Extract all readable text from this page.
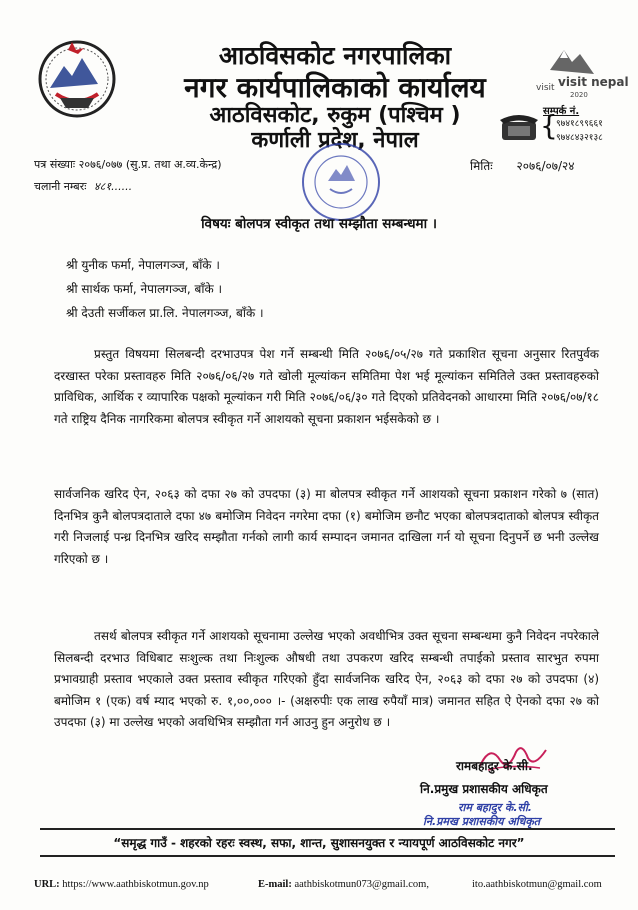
आठविसकोट नगरपालिका
नगर कार्यपालिकाको कार्यालय
आठविसकोट, रुकुम (पश्चिम )
कर्णाली प्रदेश, नेपाल
visit visit nepal
2020
सम्पर्क नं.
{
९७४१८९९६६१
९७४८४३२१३८
पत्र संख्याः २०७६/०७७ (सु.प्र. तथा अ.व्य.केन्द्र)	मितिः २०७६/०७/२४
चलानी नम्बरः ४८१......
विषयः बोलपत्र स्वीकृत तथा सम्झौता सम्बन्धमा ।
श्री युनीक फर्मा, नेपालगञ्ज, बाँके ।
श्री सार्थक फर्मा, नेपालगञ्ज, बाँके ।
श्री देउती सर्जीकल प्रा.लि. नेपालगञ्ज, बाँके ।
प्रस्तुत विषयमा सिलबन्दी दरभाउपत्र पेश गर्ने सम्बन्धी मिति २०७६/०५/२७ गते प्रकाशित सूचना अनुसार रितपुर्वक दरखास्त परेका प्रस्तावहरु मिति २०७६/०६/२७ गते खोली मूल्यांकन समितिमा पेश भई मूल्यांकन समितिले उक्त प्रस्तावहरुको प्राविधिक, आर्थिक र व्यापारिक पक्षको मूल्यांकन गरी मिति २०७६/०६/३० गते दिएको प्रतिवेदनको आधारमा मिति २०७६/०७/१८ गते राष्ट्रिय दैनिक नागरिकमा बोलपत्र स्वीकृत गर्ने आशयको सूचना प्रकाशन भईसकेको छ ।
सार्वजनिक खरिद ऐन, २०६३ को दफा २७ को उपदफा (३) मा बोलपत्र स्वीकृत गर्ने आशयको सूचना प्रकाशन गरेको ७ (सात) दिनभित्र कुनै बोलपत्रदाताले दफा ४७ बमोजिम निवेदन नगरेमा दफा (१) बमोजिम छनौट भएका बोलपत्रदाताको बोलपत्र स्वीकृत गरी निजलाई पन्ध्र दिनभित्र खरिद सम्झौता गर्नको लागी कार्य सम्पादन जमानत दाखिला गर्न यो सूचना दिनुपर्ने छ भनी उल्लेख गरिएको छ ।
तसर्थ बोलपत्र स्वीकृत गर्ने आशयको सूचनामा उल्लेख भएको अवधीभित्र उक्त सूचना सम्बन्धमा कुनै निवेदन नपरेकाले सिलबन्दी दरभाउ विधिबाट सःशुल्क तथा निःशुल्क औषधी तथा उपकरण खरिद सम्बन्धी तपाईको प्रस्ताव सारभुत रुपमा प्रभावग्राही प्रस्ताव भएकाले उक्त प्रस्ताव स्वीकृत गरिएको हुँदा सार्वजनिक खरिद ऐन, २०६३ को दफा २७ को उपदफा (४) बमोजिम १ (एक) वर्ष म्याद भएको रु. १,००,००० ।- (अक्षरुपीः एक लाख रुपैयाँ मात्र) जमानत सहित ऐ ऐनको दफा २७ को उपदफा (३) मा उल्लेख भएको अवधिभित्र सम्झौता गर्न आउनु हुन अनुरोध छ ।
रामबहादुर के.सी.
नि.प्रमुख प्रशासकीय अधिकृत
राम बहादुर के.सी.
नि.प्रमख प्रशासकीय अधिकृत
“समृद्ध गाउँ - शहरको रहरः स्वस्थ, सफा, शान्त, सुशासनयुक्त र न्यायपूर्ण आठविसकोट नगर”
URL: https://www.aathbiskotmun.gov.np	E-mail: aathbiskotmun073@gmail.com,	ito.aathbiskotmun@gmail.com
